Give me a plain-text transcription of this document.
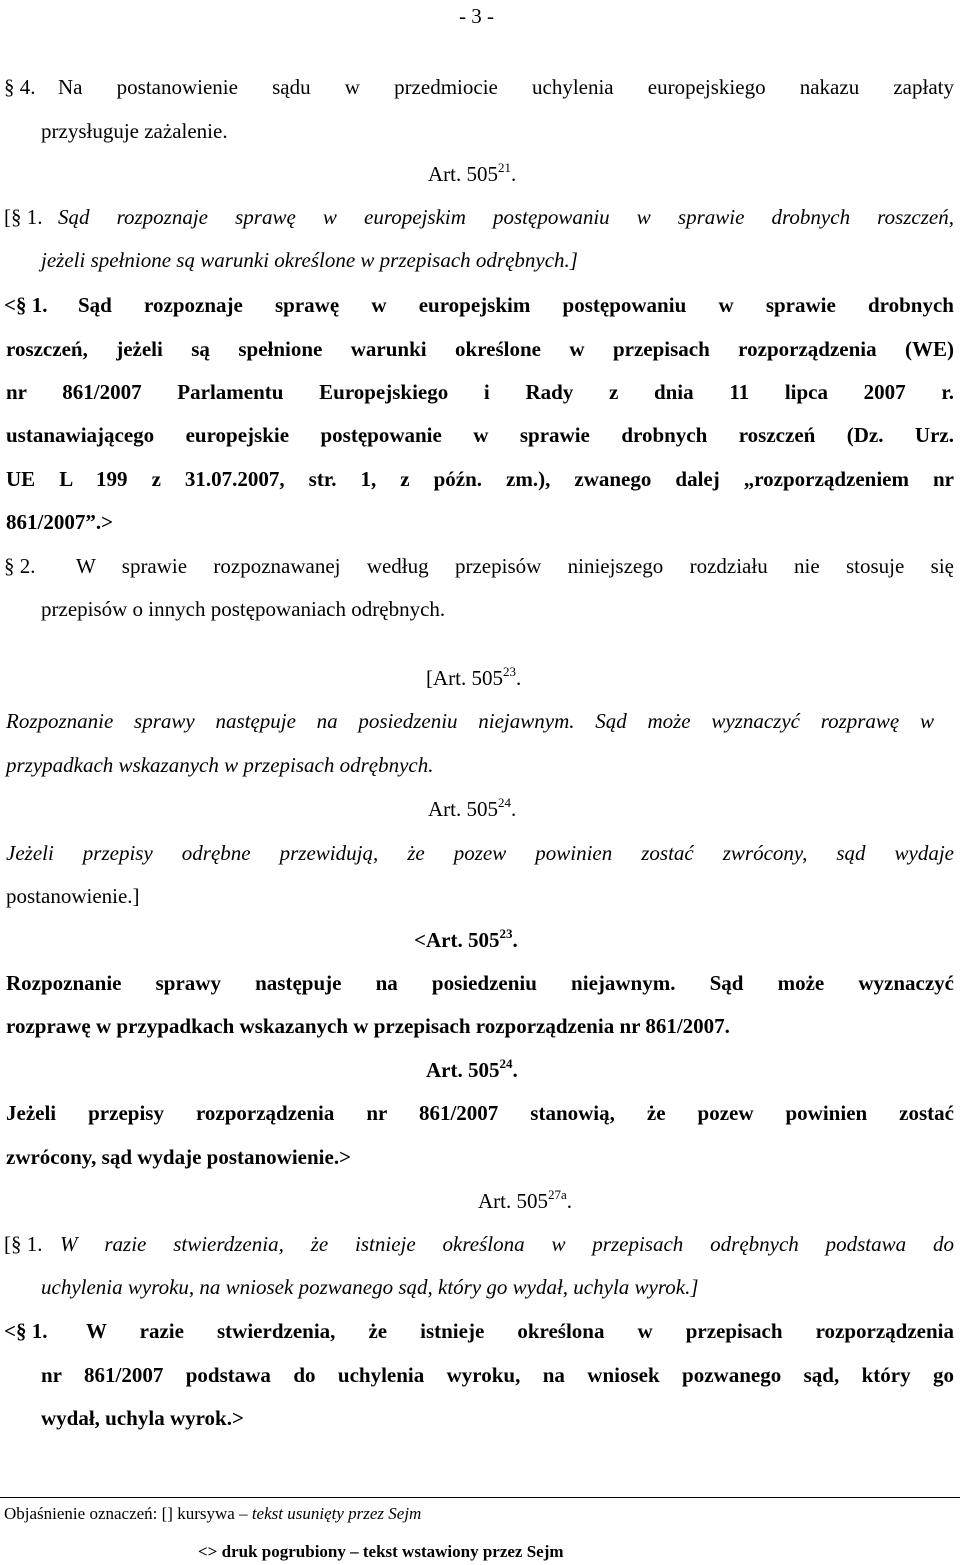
- 3 -
§ 4. Na postanowienie sądu w przedmiocie uchylenia europejskiego nakazu zapłaty
przysługuje zażalenie.
Art. $505^{21}$.
[§ 1. Sąd rozpoznaje sprawę w europejskim postępowaniu w sprawie drobnych roszczeń,
jeżeli spełnione są warunki określone w przepisach odrębnych.]
<§ 1. Sąd rozpoznaje sprawę w europejskim postępowaniu w sprawie drobnych
roszczeń, jeżeli są spełnione warunki określone w przepisach rozporządzenia (WE)
nr 861/2007 Parlamentu Europejskiego i Rady z dnia 11 lipca 2007 r.
ustanawiającego europejskie postępowanie w sprawie drobnych roszczeń (Dz. Urz.
UE L 199 z 31.07.2007, str. 1, z późn. zm.), zwanego dalej „rozporządzeniem nr
861/2007”.>
§ 2. W sprawie rozpoznawanej według przepisów niniejszego rozdziału nie stosuje się
przepisów o innych postępowaniach odrębnych.
[Art. $505^{23}$.
Rozpoznanie sprawy następuje na posiedzeniu niejawnym. Sąd może wyznaczyć rozprawę w
przypadkach wskazanych w przepisach odrębnych.
Art. $505^{24}$.
Jeżeli przepisy odrębne przewidują, że pozew powinien zostać zwrócony, sąd wydaje
postanowienie.]
<Art. $505^{23}$.
Rozpoznanie sprawy następuje na posiedzeniu niejawnym. Sąd może wyznaczyć
rozprawę w przypadkach wskazanych w przepisach rozporządzenia nr 861/2007.
Art. $505^{24}$.
Jeżeli przepisy rozporządzenia nr 861/2007 stanowią, że pozew powinien zostać
zwrócony, sąd wydaje postanowienie.>
Art. $505^{27a}$.
[§ 1. W razie stwierdzenia, że istnieje określona w przepisach odrębnych podstawa do
uchylenia wyroku, na wniosek pozwanego sąd, który go wydał, uchyla wyrok.]
<§ 1. W razie stwierdzenia, że istnieje określona w przepisach rozporządzenia
nr 861/2007 podstawa do uchylenia wyroku, na wniosek pozwanego sąd, który go
wydał, uchyla wyrok.>
Objaśnienie oznaczeń: [] kursywa – tekst usunięty przez Sejm
<> druk pogrubiony – tekst wstawiony przez Sejm
